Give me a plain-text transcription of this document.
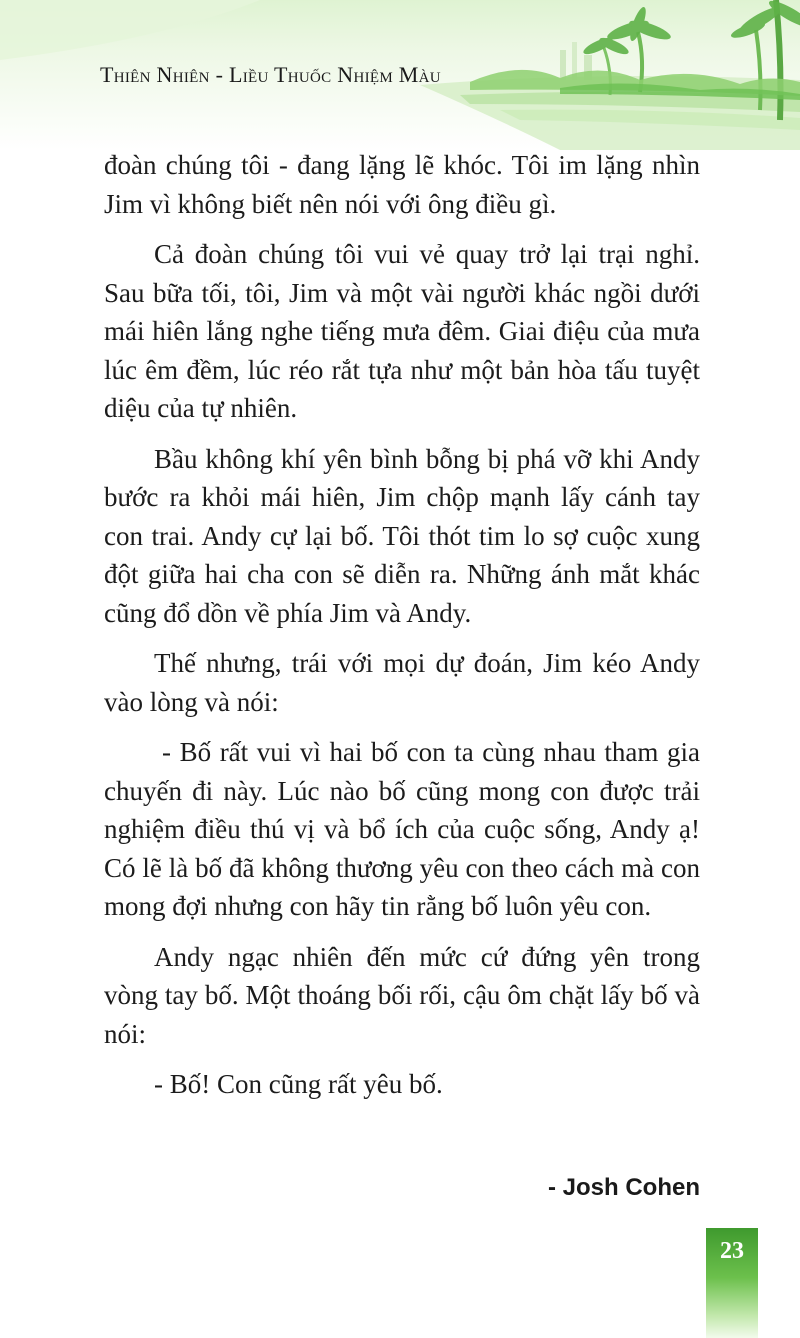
Thiên Nhiên - Liều Thuốc Nhiệm Màu

đoàn chúng tôi - đang lặng lẽ khóc. Tôi im lặng nhìn Jim vì không biết nên nói với ông điều gì.

Cả đoàn chúng tôi vui vẻ quay trở lại trại nghỉ. Sau bữa tối, tôi, Jim và một vài người khác ngồi dưới mái hiên lắng nghe tiếng mưa đêm. Giai điệu của mưa lúc êm đềm, lúc réo rắt tựa như một bản hòa tấu tuyệt diệu của tự nhiên.

Bầu không khí yên bình bỗng bị phá vỡ khi Andy bước ra khỏi mái hiên, Jim chộp mạnh lấy cánh tay con trai. Andy cự lại bố. Tôi thót tim lo sợ cuộc xung đột giữa hai cha con sẽ diễn ra. Những ánh mắt khác cũng đổ dồn về phía Jim và Andy.

Thế nhưng, trái với mọi dự đoán, Jim kéo Andy vào lòng và nói:

- Bố rất vui vì hai bố con ta cùng nhau tham gia chuyến đi này. Lúc nào bố cũng mong con được trải nghiệm điều thú vị và bổ ích của cuộc sống, Andy ạ! Có lẽ là bố đã không thương yêu con theo cách mà con mong đợi nhưng con hãy tin rằng bố luôn yêu con.

Andy ngạc nhiên đến mức cứ đứng yên trong vòng tay bố. Một thoáng bối rối, cậu ôm chặt lấy bố và nói:

- Bố! Con cũng rất yêu bố.

- Josh Cohen
23
